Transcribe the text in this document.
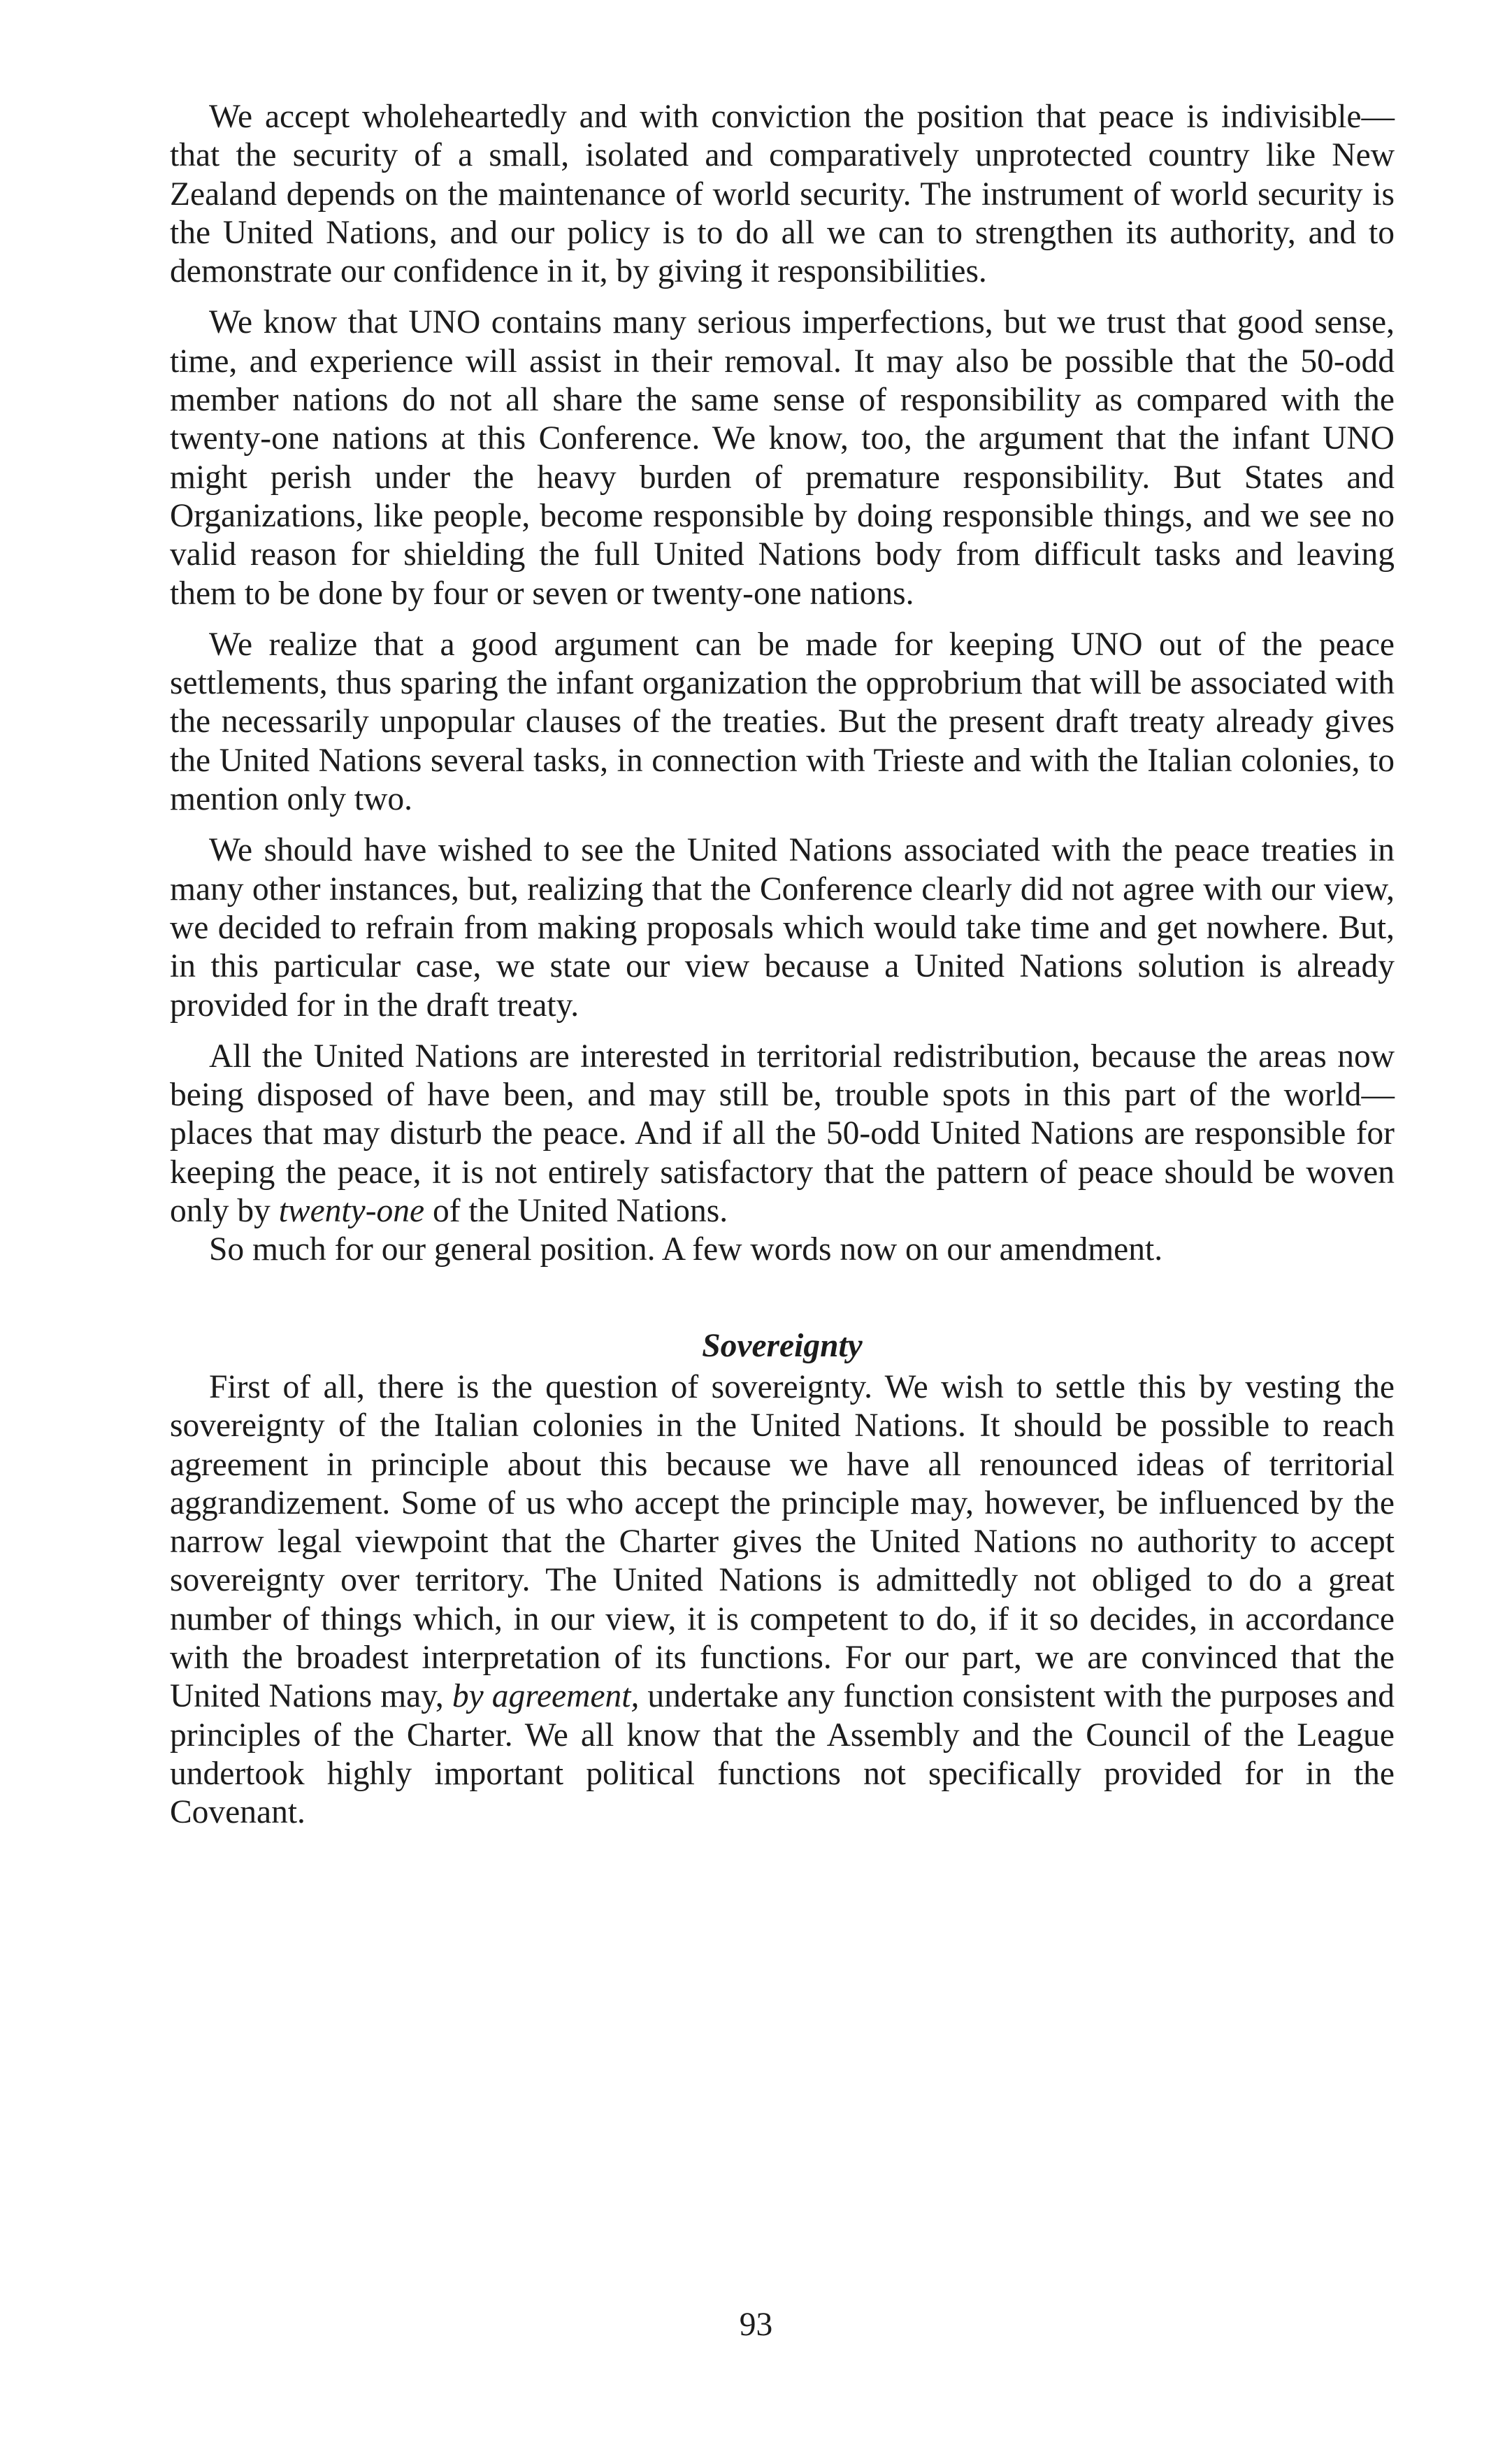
We accept wholeheartedly and with conviction the position that peace is indivisible—that the security of a small, isolated and comparatively unprotected country like New Zealand depends on the maintenance of world security. The instrument of world security is the United Nations, and our policy is to do all we can to strengthen its authority, and to demonstrate our confidence in it, by giving it responsibilities.

We know that UNO contains many serious imperfections, but we trust that good sense, time, and experience will assist in their removal. It may also be possible that the 50-odd member nations do not all share the same sense of responsibility as compared with the twenty-one nations at this Conference. We know, too, the argument that the infant UNO might perish under the heavy burden of premature responsibility. But States and Organizations, like people, become responsible by doing responsible things, and we see no valid reason for shielding the full United Nations body from difficult tasks and leaving them to be done by four or seven or twenty-one nations.

We realize that a good argument can be made for keeping UNO out of the peace settlements, thus sparing the infant organization the opprobrium that will be associated with the necessarily unpopular clauses of the treaties. But the present draft treaty already gives the United Nations several tasks, in connection with Trieste and with the Italian colonies, to mention only two.

We should have wished to see the United Nations associated with the peace treaties in many other instances, but, realizing that the Conference clearly did not agree with our view, we decided to refrain from making proposals which would take time and get nowhere. But, in this particular case, we state our view because a United Nations solution is already provided for in the draft treaty.

All the United Nations are interested in territorial redistribution, because the areas now being disposed of have been, and may still be, trouble spots in this part of the world—places that may disturb the peace. And if all the 50-odd United Nations are responsible for keeping the peace, it is not entirely satisfactory that the pattern of peace should be woven only by twenty-one of the United Nations.

So much for our general position. A few words now on our amendment.

Sovereignty

First of all, there is the question of sovereignty. We wish to settle this by vesting the sovereignty of the Italian colonies in the United Nations. It should be possible to reach agreement in principle about this because we have all renounced ideas of territorial aggrandizement. Some of us who accept the principle may, however, be influenced by the narrow legal viewpoint that the Charter gives the United Nations no authority to accept sovereignty over territory. The United Nations is admittedly not obliged to do a great number of things which, in our view, it is competent to do, if it so decides, in accordance with the broadest interpretation of its functions. For our part, we are convinced that the United Nations may, by agreement, undertake any function consistent with the purposes and principles of the Charter. We all know that the Assembly and the Council of the League undertook highly important political functions not specifically provided for in the Covenant.

93
